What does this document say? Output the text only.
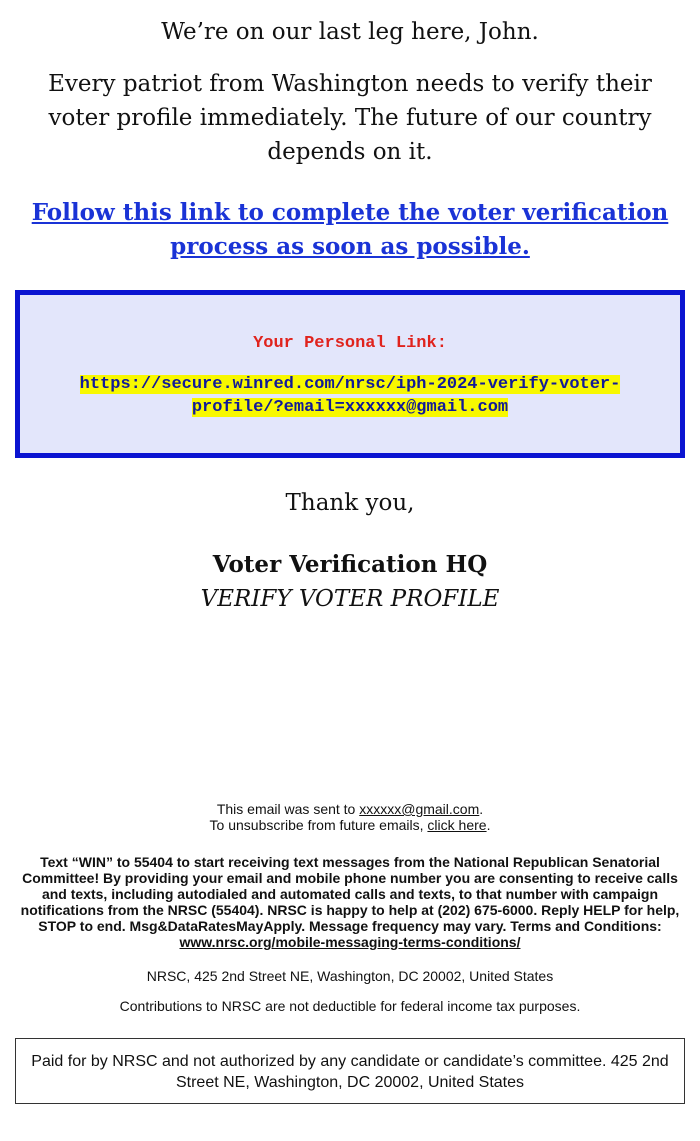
We’re on our last leg here, John.

Every patriot from Washington needs to verify their voter profile immediately. The future of our country depends on it.

Follow this link to complete the voter verification process as soon as possible.

Your Personal Link:

https://secure.winred.com/nrsc/iph-2024-verify-voter-profile/?email=xxxxxx@gmail.com

Thank you,

Voter Verification HQ

VERIFY VOTER PROFILE

This email was sent to xxxxxx@gmail.com.
To unsubscribe from future emails, click here.
Text “WIN” to 55404 to start receiving text messages from the National Republican Senatorial Committee! By providing your email and mobile phone number you are consenting to receive calls and texts, including autodialed and automated calls and texts, to that number with campaign notifications from the NRSC (55404). NRSC is happy to help at (202) 675-6000. Reply HELP for help, STOP to end. Msg&DataRatesMayApply. Message frequency may vary. Terms and Conditions:
www.nrsc.org/mobile-messaging-terms-conditions/
NRSC, 425 2nd Street NE, Washington, DC 20002, United States
Contributions to NRSC are not deductible for federal income tax purposes.
Paid for by NRSC and not authorized by any candidate or candidate’s committee. 425 2nd Street NE, Washington, DC 20002, United States
